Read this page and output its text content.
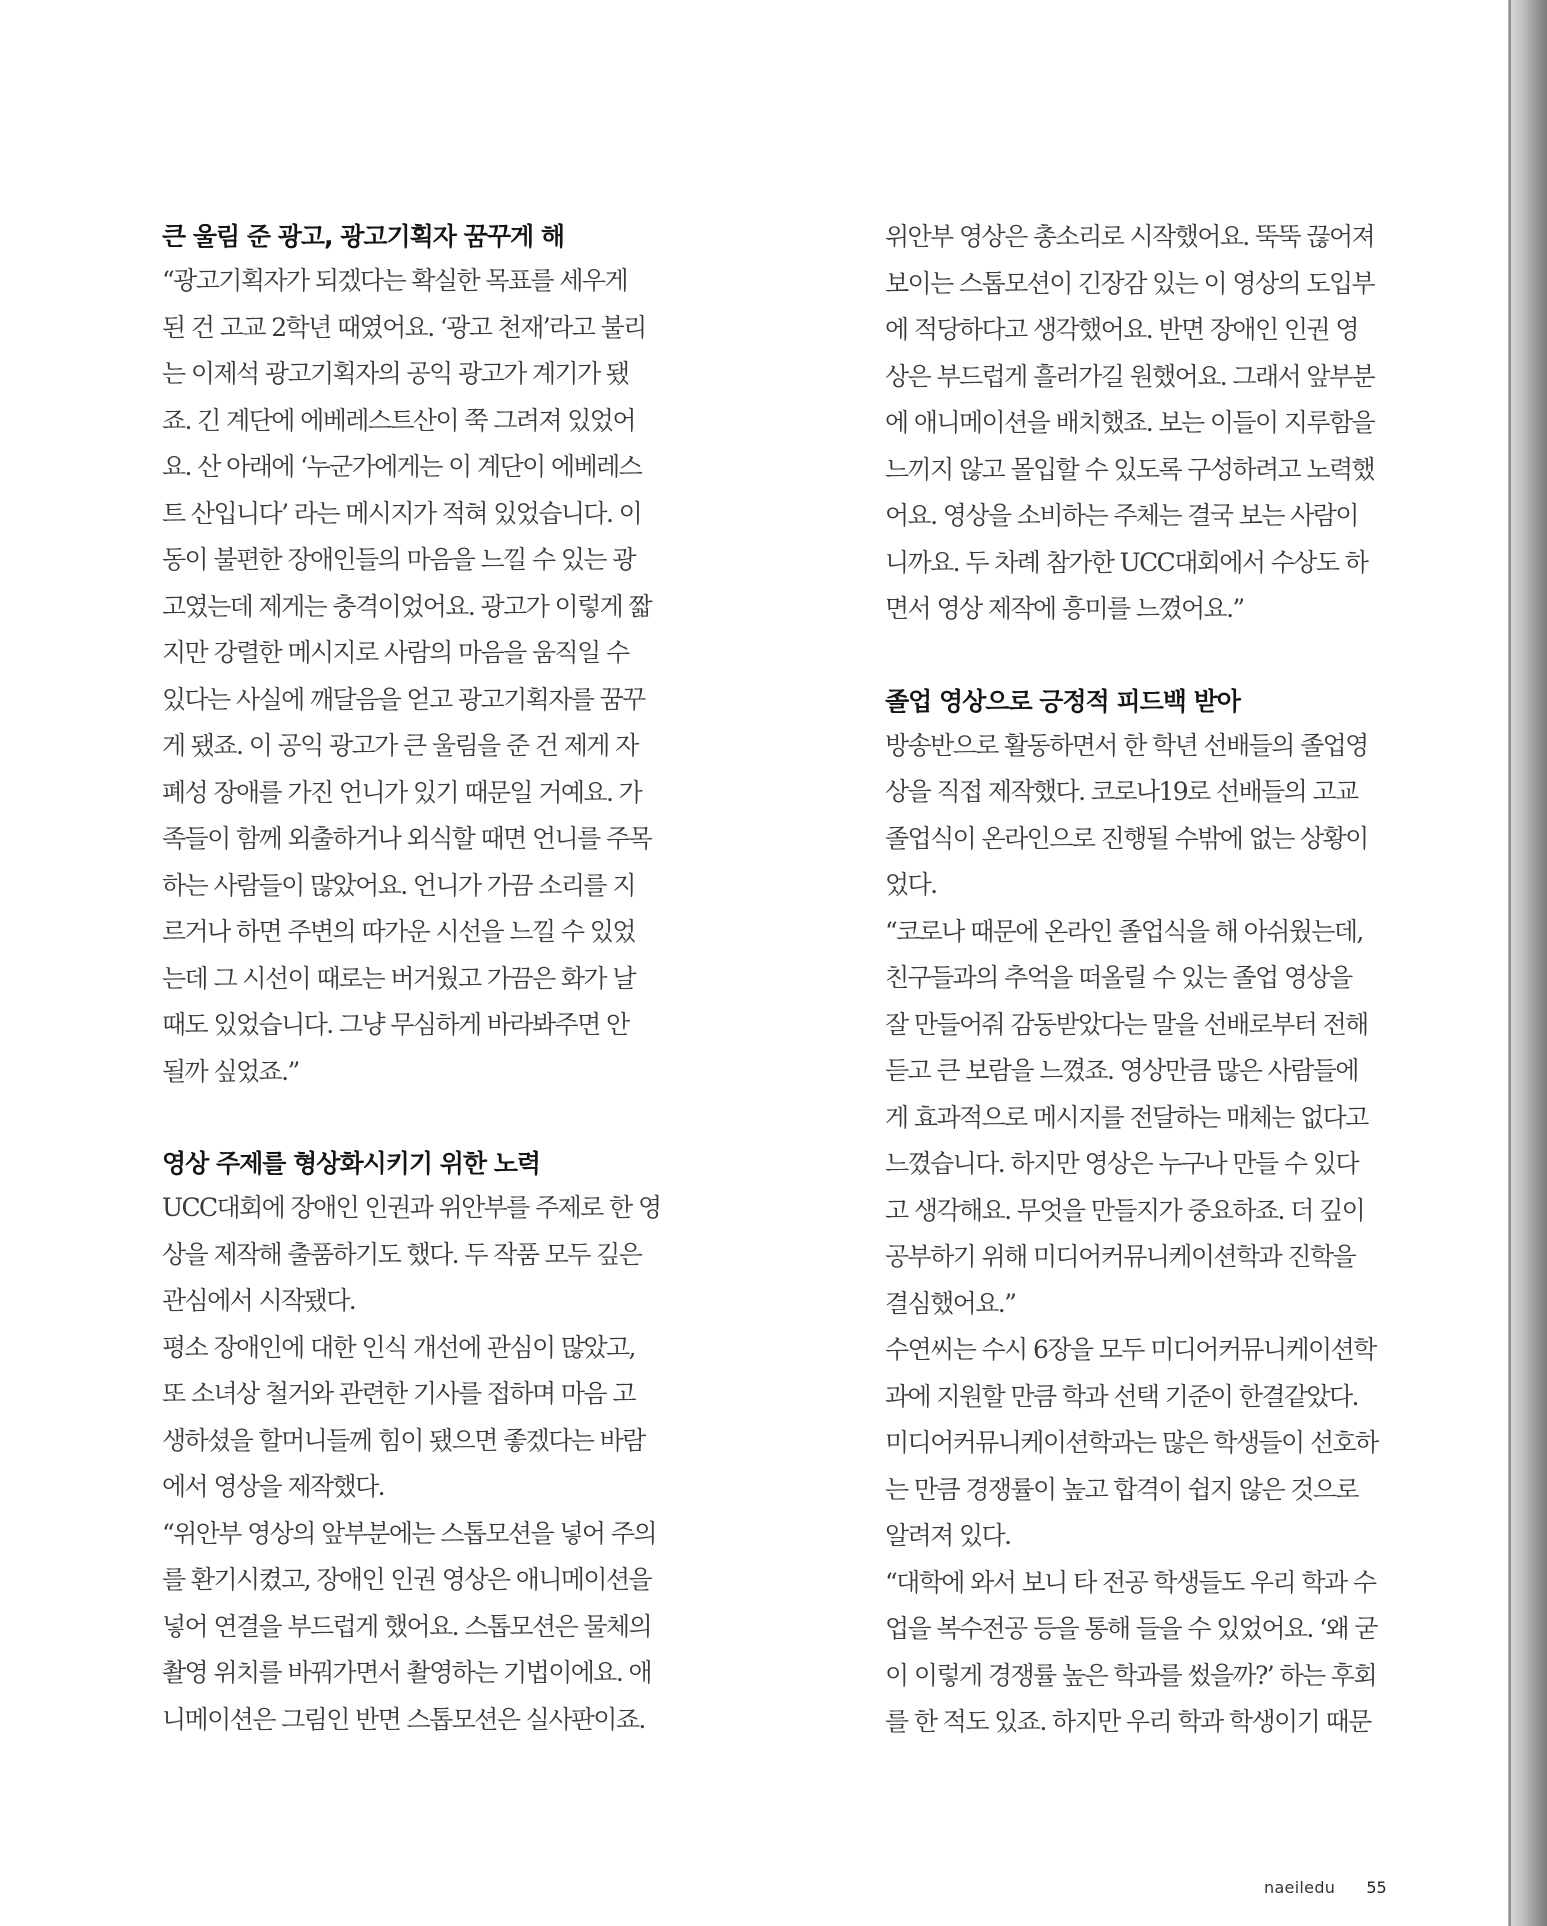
큰 울림 준 광고, 광고기획자 꿈꾸게 해
“광고기획자가 되겠다는 확실한 목표를 세우게
된 건 고교 2학년 때였어요. ‘광고 천재’라고 불리
는 이제석 광고기획자의 공익 광고가 계기가 됐
죠. 긴 계단에 에베레스트산이 쭉 그려져 있었어
요. 산 아래에 ‘누군가에게는 이 계단이 에베레스
트 산입니다’ 라는 메시지가 적혀 있었습니다. 이
동이 불편한 장애인들의 마음을 느낄 수 있는 광
고였는데 제게는 충격이었어요. 광고가 이렇게 짧
지만 강렬한 메시지로 사람의 마음을 움직일 수
있다는 사실에 깨달음을 얻고 광고기획자를 꿈꾸
게 됐죠. 이 공익 광고가 큰 울림을 준 건 제게 자
폐성 장애를 가진 언니가 있기 때문일 거예요. 가
족들이 함께 외출하거나 외식할 때면 언니를 주목
하는 사람들이 많았어요. 언니가 가끔 소리를 지
르거나 하면 주변의 따가운 시선을 느낄 수 있었
는데 그 시선이 때로는 버거웠고 가끔은 화가 날
때도 있었습니다. 그냥 무심하게 바라봐주면 안
될까 싶었죠.”
영상 주제를 형상화시키기 위한 노력
UCC대회에 장애인 인권과 위안부를 주제로 한 영
상을 제작해 출품하기도 했다. 두 작품 모두 깊은
관심에서 시작됐다.
평소 장애인에 대한 인식 개선에 관심이 많았고,
또 소녀상 철거와 관련한 기사를 접하며 마음 고
생하셨을 할머니들께 힘이 됐으면 좋겠다는 바람
에서 영상을 제작했다.
“위안부 영상의 앞부분에는 스톱모션을 넣어 주의
를 환기시켰고, 장애인 인권 영상은 애니메이션을
넣어 연결을 부드럽게 했어요. 스톱모션은 물체의
촬영 위치를 바꿔가면서 촬영하는 기법이에요. 애
니메이션은 그림인 반면 스톱모션은 실사판이죠.
위안부 영상은 총소리로 시작했어요. 뚝뚝 끊어져
보이는 스톱모션이 긴장감 있는 이 영상의 도입부
에 적당하다고 생각했어요. 반면 장애인 인권 영
상은 부드럽게 흘러가길 원했어요. 그래서 앞부분
에 애니메이션을 배치했죠. 보는 이들이 지루함을
느끼지 않고 몰입할 수 있도록 구성하려고 노력했
어요. 영상을 소비하는 주체는 결국 보는 사람이
니까요. 두 차례 참가한 UCC대회에서 수상도 하
면서 영상 제작에 흥미를 느꼈어요.”
졸업 영상으로 긍정적 피드백 받아
방송반으로 활동하면서 한 학년 선배들의 졸업영
상을 직접 제작했다. 코로나19로 선배들의 고교
졸업식이 온라인으로 진행될 수밖에 없는 상황이
었다.
“코로나 때문에 온라인 졸업식을 해 아쉬웠는데,
친구들과의 추억을 떠올릴 수 있는 졸업 영상을
잘 만들어줘 감동받았다는 말을 선배로부터 전해
듣고 큰 보람을 느꼈죠. 영상만큼 많은 사람들에
게 효과적으로 메시지를 전달하는 매체는 없다고
느꼈습니다. 하지만 영상은 누구나 만들 수 있다
고 생각해요. 무엇을 만들지가 중요하죠. 더 깊이
공부하기 위해 미디어커뮤니케이션학과 진학을
결심했어요.”
수연씨는 수시 6장을 모두 미디어커뮤니케이션학
과에 지원할 만큼 학과 선택 기준이 한결같았다.
미디어커뮤니케이션학과는 많은 학생들이 선호하
는 만큼 경쟁률이 높고 합격이 쉽지 않은 것으로
알려져 있다.
“대학에 와서 보니 타 전공 학생들도 우리 학과 수
업을 복수전공 등을 통해 들을 수 있었어요. ‘왜 굳
이 이렇게 경쟁률 높은 학과를 썼을까?’ 하는 후회
를 한 적도 있죠. 하지만 우리 학과 학생이기 때문
naeiledu 55
